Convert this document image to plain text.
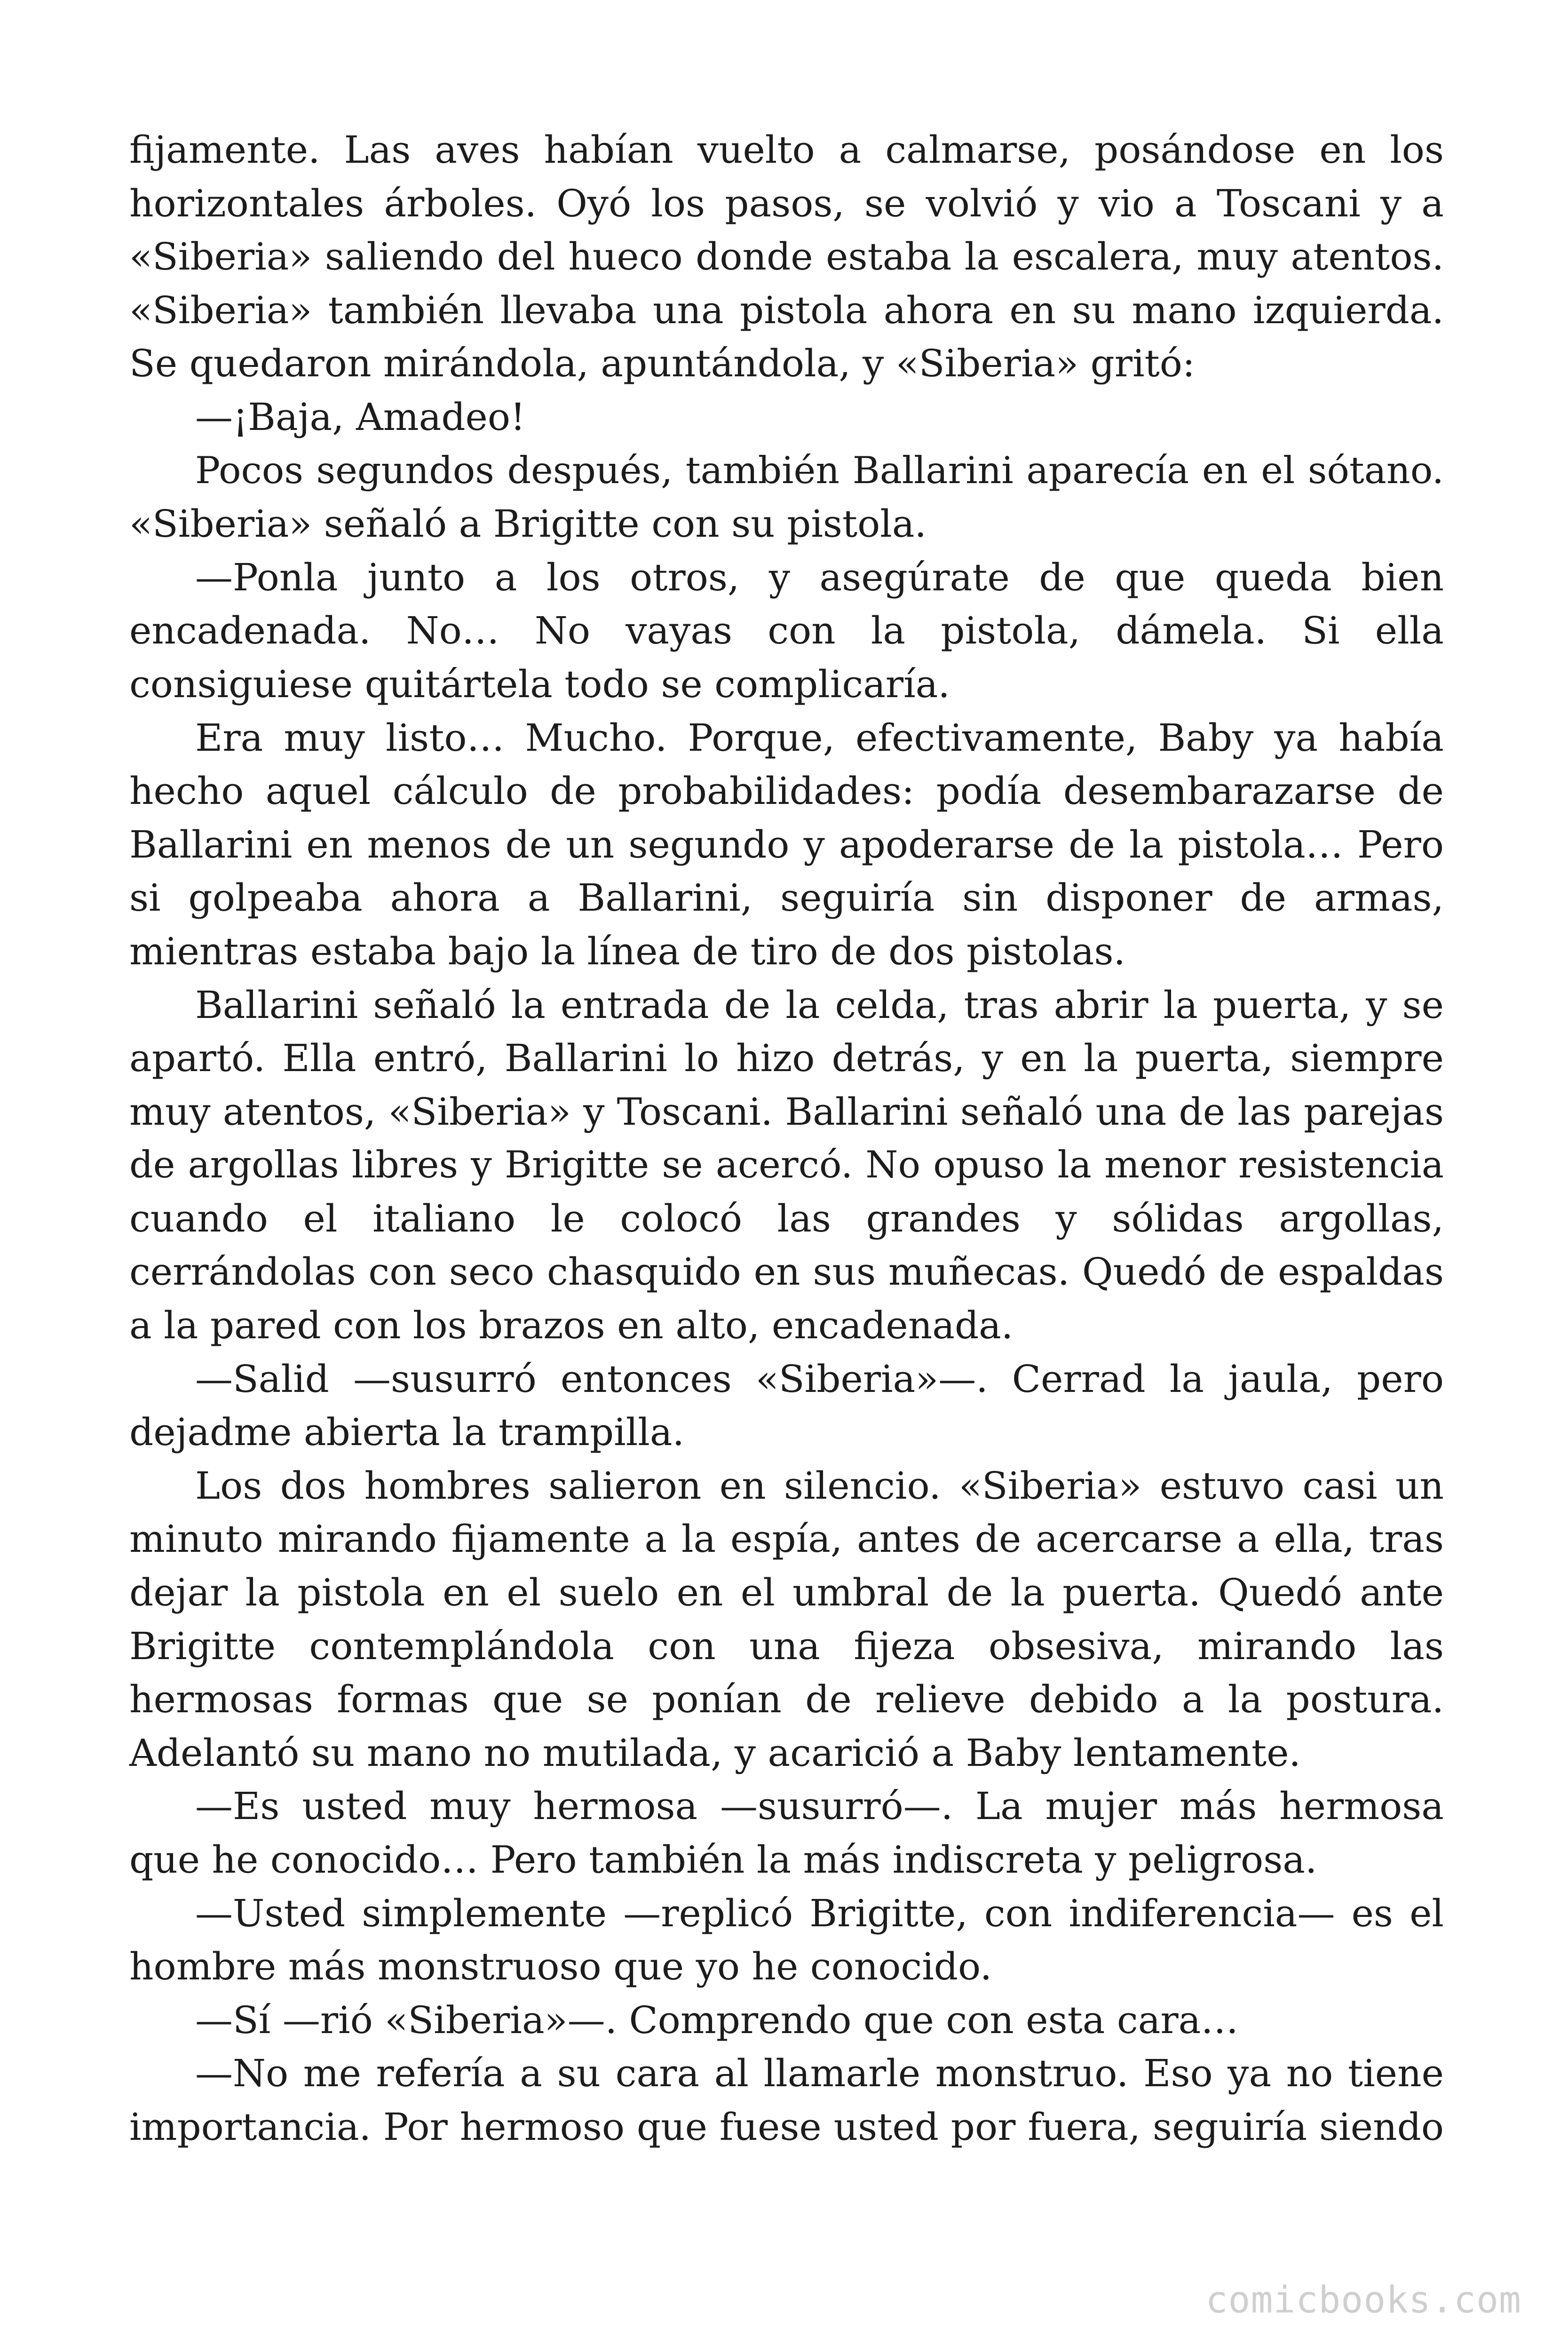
fijamente. Las aves habían vuelto a calmarse, posándose en los
horizontales árboles. Oyó los pasos, se volvió y vio a Toscani y a
«Siberia» saliendo del hueco donde estaba la escalera, muy atentos.
«Siberia» también llevaba una pistola ahora en su mano izquierda.
Se quedaron mirándola, apuntándola, y «Siberia» gritó:
—¡Baja, Amadeo!
Pocos segundos después, también Ballarini aparecía en el sótano.
«Siberia» señaló a Brigitte con su pistola.
—Ponla junto a los otros, y asegúrate de que queda bien
encadenada. No… No vayas con la pistola, dámela. Si ella
consiguiese quitártela todo se complicaría.
Era muy listo… Mucho. Porque, efectivamente, Baby ya había
hecho aquel cálculo de probabilidades: podía desembarazarse de
Ballarini en menos de un segundo y apoderarse de la pistola… Pero
si golpeaba ahora a Ballarini, seguiría sin disponer de armas,
mientras estaba bajo la línea de tiro de dos pistolas.
Ballarini señaló la entrada de la celda, tras abrir la puerta, y se
apartó. Ella entró, Ballarini lo hizo detrás, y en la puerta, siempre
muy atentos, «Siberia» y Toscani. Ballarini señaló una de las parejas
de argollas libres y Brigitte se acercó. No opuso la menor resistencia
cuando el italiano le colocó las grandes y sólidas argollas,
cerrándolas con seco chasquido en sus muñecas. Quedó de espaldas
a la pared con los brazos en alto, encadenada.
—Salid —susurró entonces «Siberia»—. Cerrad la jaula, pero
dejadme abierta la trampilla.
Los dos hombres salieron en silencio. «Siberia» estuvo casi un
minuto mirando fijamente a la espía, antes de acercarse a ella, tras
dejar la pistola en el suelo en el umbral de la puerta. Quedó ante
Brigitte contemplándola con una fijeza obsesiva, mirando las
hermosas formas que se ponían de relieve debido a la postura.
Adelantó su mano no mutilada, y acarició a Baby lentamente.
—Es usted muy hermosa —susurró—. La mujer más hermosa
que he conocido… Pero también la más indiscreta y peligrosa.
—Usted simplemente —replicó Brigitte, con indiferencia— es el
hombre más monstruoso que yo he conocido.
—Sí —rió «Siberia»—. Comprendo que con esta cara…
—No me refería a su cara al llamarle monstruo. Eso ya no tiene
importancia. Por hermoso que fuese usted por fuera, seguiría siendo
comicbooks.com
